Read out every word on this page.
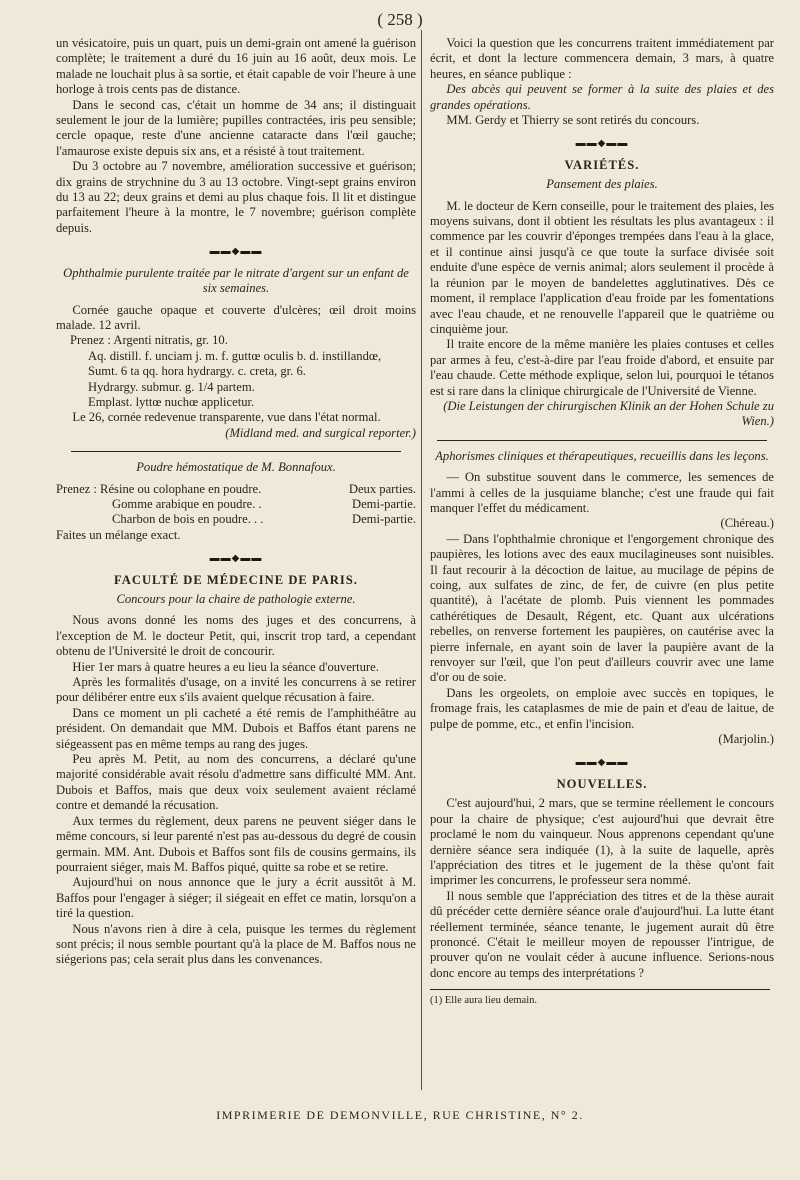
( 258 )

un vésicatoire, puis un quart, puis un demi-grain ont amené la guérison complète; le traitement a duré du 16 juin au 16 août, deux mois. Le malade ne louchait plus à sa sortie, et était capable de voir l'heure à une horloge à trois cents pas de distance.

Dans le second cas, c'était un homme de 34 ans; il distinguait seulement le jour de la lumière; pupilles contractées, iris peu sensible; cercle opaque, reste d'une ancienne cataracte dans l'œil gauche; l'amaurose existe depuis six ans, et a résisté à tout traitement.

Du 3 octobre au 7 novembre, amélioration successive et guérison; dix grains de strychnine du 3 au 13 octobre. Vingt-sept grains environ du 13 au 22; deux grains et demi au plus chaque fois. Il lit et distingue parfaitement l'heure à la montre, le 7 novembre; guérison complète depuis.

▬▬◆▬▬

Ophthalmie purulente traitée par le nitrate d'argent sur un enfant de six semaines.

Cornée gauche opaque et couverte d'ulcères; œil droit moins malade. 12 avril.

Prenez : Argenti nitratis, gr. 10.

Aq. distill. f. unciam j. m. f. guttœ oculis b. d. instillandœ,

Sumt. 6 ta qq. hora hydrargy. c. creta, gr. 6.

Hydrargy. submur. g. 1/4 partem.

Emplast. lyttœ nuchœ applicetur.

Le 26, cornée redevenue transparente, vue dans l'état normal.

(Midland med. and surgical reporter.)

Poudre hémostatique de M. Bonnafoux.

Prenez : Résine ou colophane en poudre.	Deux parties.
Gomme arabique en poudre. .	Demi-partie.
Charbon de bois en poudre. . .	Demi-partie.

Faites un mélange exact.

▬▬◆▬▬
FACULTÉ DE MÉDECINE DE PARIS.

Concours pour la chaire de pathologie externe.

Nous avons donné les noms des juges et des concurrens, à l'exception de M. le docteur Petit, qui, inscrit trop tard, a cependant obtenu de l'Université le droit de concourir.

Hier 1er mars à quatre heures a eu lieu la séance d'ouverture.

Après les formalités d'usage, on a invité les concurrens à se retirer pour délibérer entre eux s'ils avaient quelque récusation à faire.

Dans ce moment un pli cacheté a été remis de l'amphithéâtre au président. On demandait que MM. Dubois et Baffos étant parens ne siégeassent pas en même temps au rang des juges.

Peu après M. Petit, au nom des concurrens, a déclaré qu'une majorité considérable avait résolu d'admettre sans difficulté MM. Ant. Dubois et Baffos, mais que deux voix seulement avaient réclamé contre et demandé la récusation.

Aux termes du règlement, deux parens ne peuvent siéger dans le même concours, si leur parenté n'est pas au-dessous du degré de cousin germain. MM. Ant. Dubois et Baffos sont fils de cousins germains, ils pourraient siéger, mais M. Baffos piqué, quitte sa robe et se retire.

Aujourd'hui on nous annonce que le jury a écrit aussitôt à M. Baffos pour l'engager à siéger; il siégeait en effet ce matin, lorsqu'on a tiré la question.

Nous n'avons rien à dire à cela, puisque les termes du règlement sont précis; il nous semble pourtant qu'à la place de M. Baffos nous ne siégerions pas; cela serait plus dans les convenances.

Voici la question que les concurrens traitent immédiatement par écrit, et dont la lecture commencera demain, 3 mars, à quatre heures, en séance publique :

Des abcès qui peuvent se former à la suite des plaies et des grandes opérations.

MM. Gerdy et Thierry se sont retirés du concours.

▬▬◆▬▬
VARIÉTÉS.

Pansement des plaies.

M. le docteur de Kern conseille, pour le traitement des plaies, les moyens suivans, dont il obtient les résultats les plus avantageux : il commence par les couvrir d'éponges trempées dans l'eau à la glace, et il continue ainsi jusqu'à ce que toute la surface divisée soit enduite d'une espèce de vernis animal; alors seulement il procède à la réunion par le moyen de bandelettes agglutinatives. Dès ce moment, il remplace l'application d'eau froide par les fomentations avec l'eau chaude, et ne renouvelle l'appareil que le quatrième ou cinquième jour.

Il traite encore de la même manière les plaies contuses et celles par armes à feu, c'est-à-dire par l'eau froide d'abord, et ensuite par l'eau chaude. Cette méthode explique, selon lui, pourquoi le tétanos est si rare dans la clinique chirurgicale de l'Université de Vienne.

(Die Leistungen der chirurgischen Klinik an der Hohen Schule zu Wien.)

Aphorismes cliniques et thérapeutiques, recueillis dans les leçons.

— On substitue souvent dans le commerce, les semences de l'ammi à celles de la jusquiame blanche; c'est une fraude qui fait manquer l'effet du médicament.

(Chéreau.)

— Dans l'ophthalmie chronique et l'engorgement chronique des paupières, les lotions avec des eaux mucilagineuses sont nuisibles. Il faut recourir à la décoction de laitue, au mucilage de pépins de coing, aux sulfates de zinc, de fer, de cuivre (en plus petite quantité), à l'acétate de plomb. Puis viennent les pommades cathérétiques de Desault, Régent, etc. Quant aux ulcérations rebelles, on renverse fortement les paupières, on cautérise avec la pierre infernale, en ayant soin de laver la paupière avant de la renvoyer sur l'œil, que l'on peut d'ailleurs couvrir avec une lame d'or ou de soie.

Dans les orgeolets, on emploie avec succès en topiques, le fromage frais, les cataplasmes de mie de pain et d'eau de laitue, de pulpe de pomme, etc., et enfin l'incision.

(Marjolin.)

▬▬◆▬▬
NOUVELLES.

C'est aujourd'hui, 2 mars, que se termine réellement le concours pour la chaire de physique; c'est aujourd'hui que devrait être proclamé le nom du vainqueur. Nous apprenons cependant qu'une dernière séance sera indiquée (1), à la suite de laquelle, après l'appréciation des titres et le jugement de la thèse qu'ont fait imprimer les concurrens, le professeur sera nommé.

Il nous semble que l'appréciation des titres et de la thèse aurait dû précéder cette dernière séance orale d'aujourd'hui. La lutte étant réellement terminée, séance tenante, le jugement aurait dû être prononcé. C'était le meilleur moyen de repousser l'intrigue, de prouver qu'on ne voulait céder à aucune influence. Serions-nous donc encore au temps des interprétations ?

(1) Elle aura lieu demain.

IMPRIMERIE DE DEMONVILLE, RUE CHRISTINE, N° 2.
